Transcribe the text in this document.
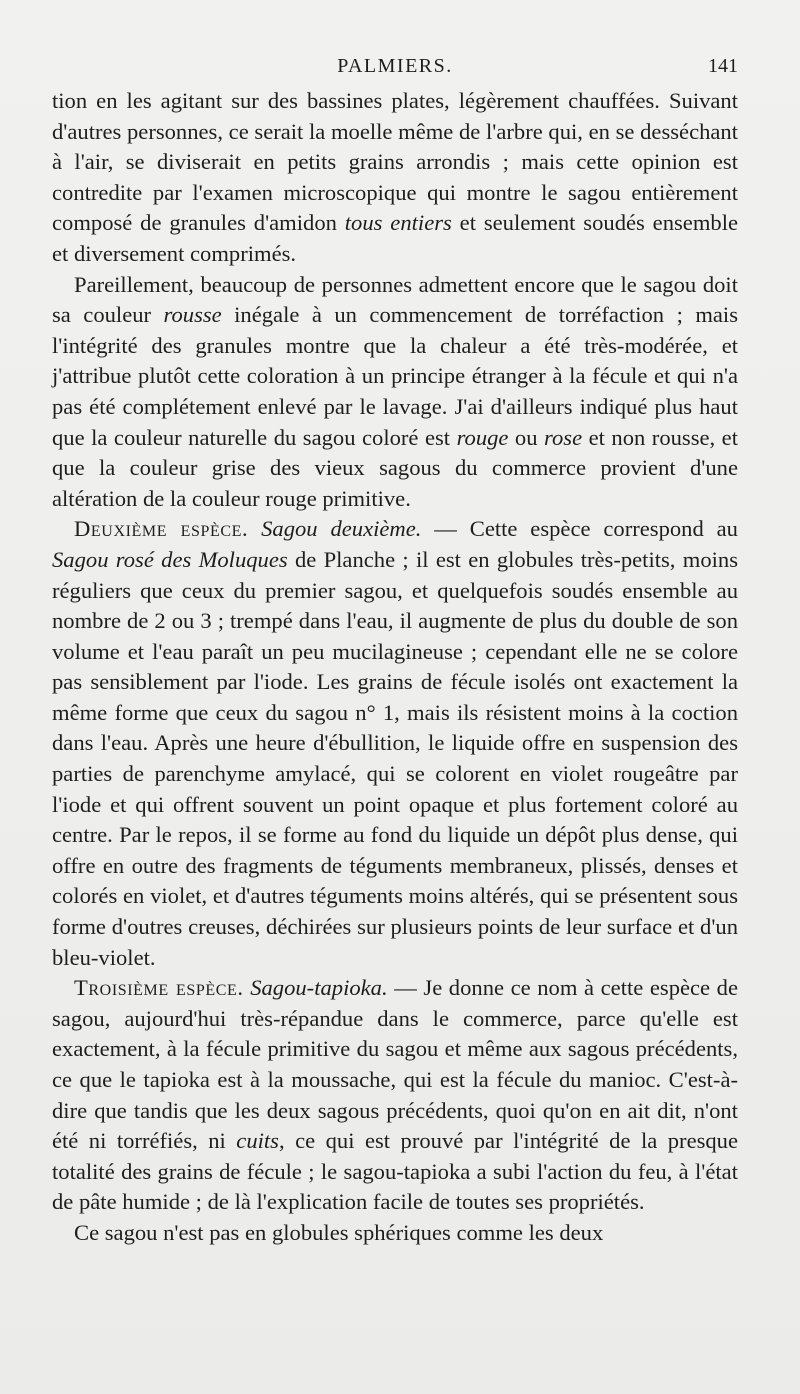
PALMIERS.	141

tion en les agitant sur des bassines plates, légèrement chauffées. Suivant d'autres personnes, ce serait la moelle même de l'arbre qui, en se desséchant à l'air, se diviserait en petits grains arrondis ; mais cette opinion est contredite par l'examen microscopique qui montre le sagou entièrement composé de granules d'amidon tous entiers et seulement soudés ensemble et diversement comprimés.

Pareillement, beaucoup de personnes admettent encore que le sagou doit sa couleur rousse inégale à un commencement de torréfaction ; mais l'intégrité des granules montre que la chaleur a été très-modérée, et j'attribue plutôt cette coloration à un principe étranger à la fécule et qui n'a pas été complétement enlevé par le lavage. J'ai d'ailleurs indiqué plus haut que la couleur naturelle du sagou coloré est rouge ou rose et non rousse, et que la couleur grise des vieux sagous du commerce provient d'une altération de la couleur rouge primitive.

Deuxième espèce. Sagou deuxième. — Cette espèce correspond au Sagou rosé des Moluques de Planche ; il est en globules très-petits, moins réguliers que ceux du premier sagou, et quelquefois soudés ensemble au nombre de 2 ou 3 ; trempé dans l'eau, il augmente de plus du double de son volume et l'eau paraît un peu mucilagineuse ; cependant elle ne se colore pas sensiblement par l'iode. Les grains de fécule isolés ont exactement la même forme que ceux du sagou n° 1, mais ils résistent moins à la coction dans l'eau. Après une heure d'ébullition, le liquide offre en suspension des parties de parenchyme amylacé, qui se colorent en violet rougeâtre par l'iode et qui offrent souvent un point opaque et plus fortement coloré au centre. Par le repos, il se forme au fond du liquide un dépôt plus dense, qui offre en outre des fragments de téguments membraneux, plissés, denses et colorés en violet, et d'autres téguments moins altérés, qui se présentent sous forme d'outres creuses, déchirées sur plusieurs points de leur surface et d'un bleu-violet.

Troisième espèce. Sagou-tapioka. — Je donne ce nom à cette espèce de sagou, aujourd'hui très-répandue dans le commerce, parce qu'elle est exactement, à la fécule primitive du sagou et même aux sagous précédents, ce que le tapioka est à la moussache, qui est la fécule du manioc. C'est-à-dire que tandis que les deux sagous précédents, quoi qu'on en ait dit, n'ont été ni torréfiés, ni cuits, ce qui est prouvé par l'intégrité de la presque totalité des grains de fécule ; le sagou-tapioka a subi l'action du feu, à l'état de pâte humide ; de là l'explication facile de toutes ses propriétés.

Ce sagou n'est pas en globules sphériques comme les deux
